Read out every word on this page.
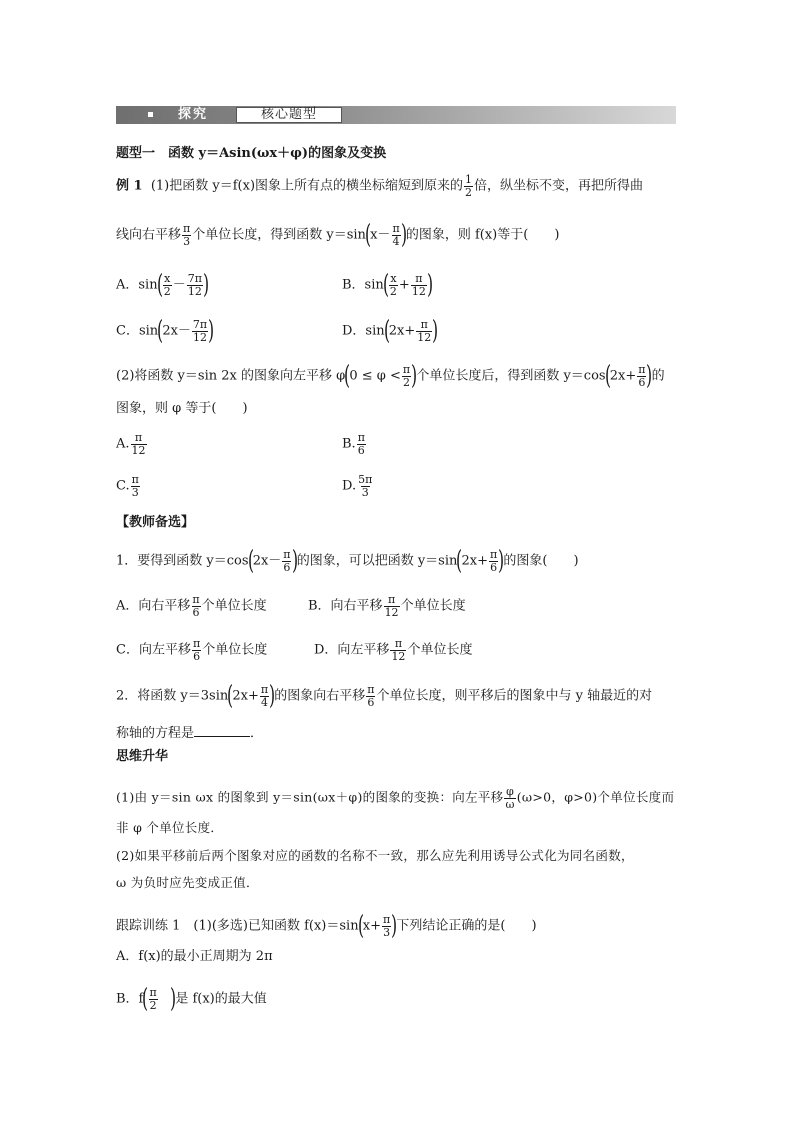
探究	核心题型
题型一　函数 y＝Asin(ωx＋φ)的图象及变换
例 1 (1)把函数 y＝f(x)图象上所有点的横坐标缩短到原来的 $\frac{1}{2}$ 倍，纵坐标不变，再把所得曲
线向右平移 $\frac{\pi}{3}$ 个单位长度，得到函数 $y=\sin(x- \frac{\pi}{4}$ )的图象，则 f(x)等于(　　)
A．$\sin( \frac{x}{2} - \frac{7\pi}{12}$ )	B．$\sin( \frac{x}{2} + \frac{\pi}{12}$ )
C．$\sin(2x- \frac{7\pi}{12}$ )	D．$\sin(2x+ \frac{\pi}{12}$ )
(2)将函数 y＝sin 2x 的图象向左平移 $\varphi(0 \le \varphi < \frac{\pi}{2}$ )个单位长度后，得到函数 $y=\cos(2x+ \frac{\pi}{6}$ )的
图象，则 φ 等于(　　)
A. $\frac{\pi}{12}$	B. $\frac{\pi}{6}$
C. $\frac{\pi}{3}$	D. $\frac{5\pi}{3}$
【教师备选】
1．要得到函数 $y=\cos(2x- \frac{\pi}{6}$ )的图象，可以把函数 $y=\sin(2x+ \frac{\pi}{6}$ )的图象(　　)
A．向右平移 $\frac{\pi}{6}$ 个单位长度	B．向右平移 $\frac{\pi}{12}$ 个单位长度
C．向左平移 $\frac{\pi}{6}$ 个单位长度	D．向左平移 $\frac{\pi}{12}$ 个单位长度
2．将函数 $y=3\sin(2x+ \frac{\pi}{4}$ )的图象向右平移 $\frac{\pi}{6}$ 个单位长度，则平移后的图象中与 y 轴最近的对
称轴的方程是	．
思维升华
(1)由 y＝sin ωx 的图象到 y＝sin(ωx＋φ)的图象的变换：向左平移 $\frac{\varphi}{\omega} (\omega>0$，φ>0)个单位长度而
非 φ 个单位长度．
(2)如果平移前后两个图象对应的函数的名称不一致，那么应先利用诱导公式化为同名函数，
ω 为负时应先变成正值．
跟踪训练 1　(1)(多选)已知函数 $f(x)=\sin(x+ \frac{\pi}{3}$ )下列结论正确的是(　　)
A．f(x)的最小正周期为 2π
B．$f( \frac{\pi}{2}$ )是 f(x)的最大值
